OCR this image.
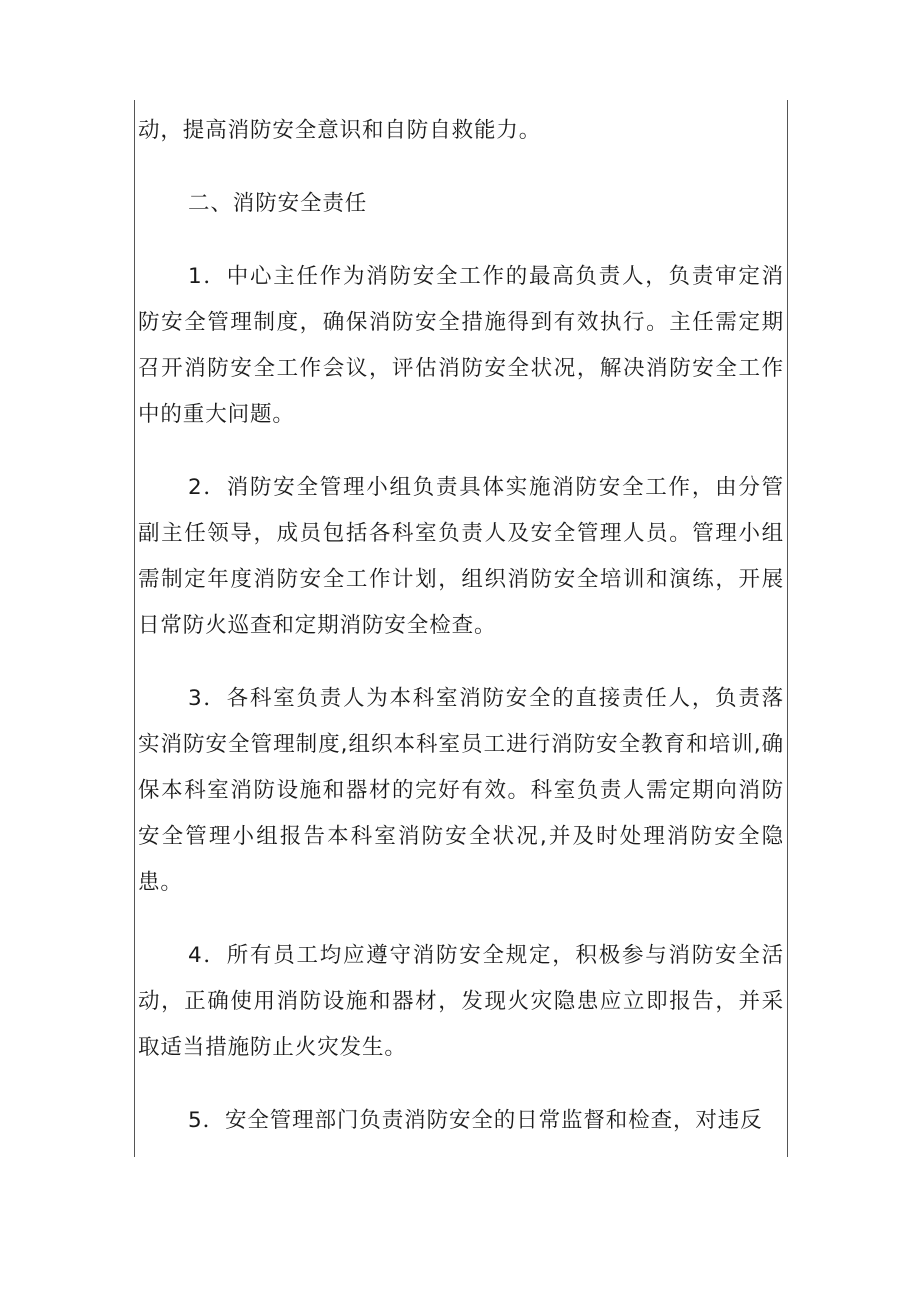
动，提高消防安全意识和自防自救能力。

二、消防安全责任

1．中心主任作为消防安全工作的最高负责人，负责审定消防安全管理制度，确保消防安全措施得到有效执行。主任需定期召开消防安全工作会议，评估消防安全状况，解决消防安全工作中的重大问题。

2．消防安全管理小组负责具体实施消防安全工作，由分管副主任领导，成员包括各科室负责人及安全管理人员。管理小组需制定年度消防安全工作计划，组织消防安全培训和演练，开展日常防火巡查和定期消防安全检查。

3．各科室负责人为本科室消防安全的直接责任人，负责落实消防安全管理制度,组织本科室员工进行消防安全教育和培训,确保本科室消防设施和器材的完好有效。科室负责人需定期向消防安全管理小组报告本科室消防安全状况,并及时处理消防安全隐患。

4．所有员工均应遵守消防安全规定，积极参与消防安全活动，正确使用消防设施和器材，发现火灾隐患应立即报告，并采取适当措施防止火灾发生。

5．安全管理部门负责消防安全的日常监督和检查，对违反
